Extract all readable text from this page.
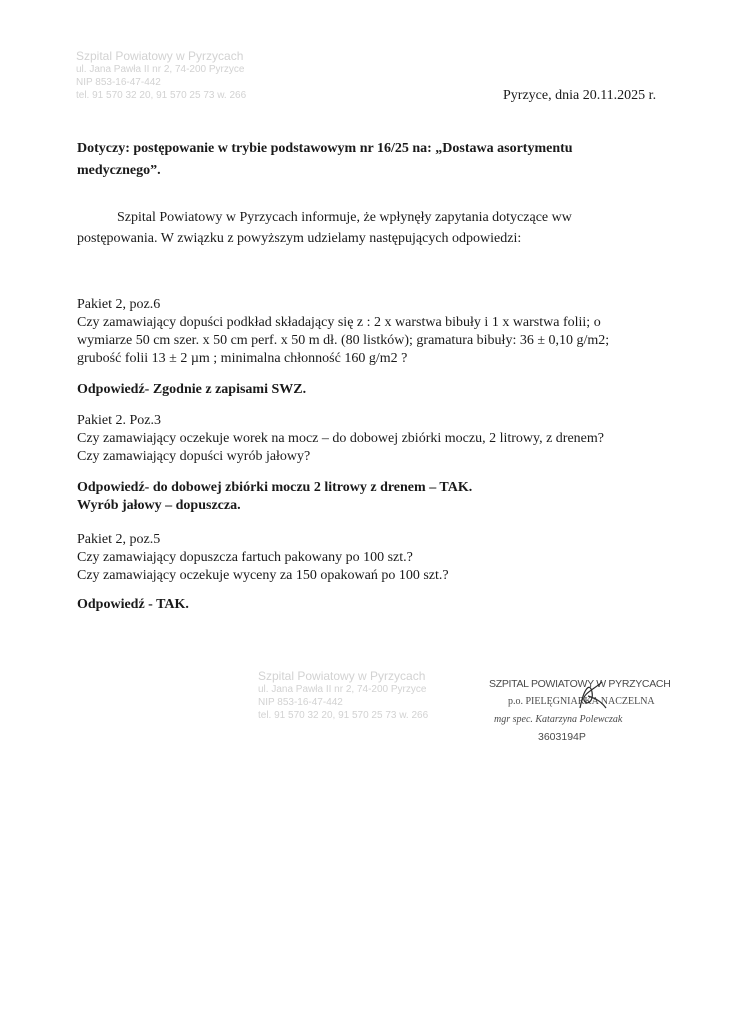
Szpital Powiatowy w Pyrzycach
ul. Jana Pawła II nr 2, 74-200 Pyrzyce
NIP 853-16-47-442
tel. 91 570 32 20, 91 570 25 73 w. 266	Pyrzyce, dnia 20.11.2025 r.
Dotyczy: postępowanie w trybie podstawowym nr 16/25 na: „Dostawa asortymentu
medycznego”.
Szpital Powiatowy w Pyrzycach informuje, że wpłynęły zapytania dotyczące ww
postępowania. W związku z powyższym udzielamy następujących odpowiedzi:
Pakiet 2, poz.6
Czy zamawiający dopuści podkład składający się z : 2 x warstwa bibuły i 1 x warstwa folii; o
wymiarze 50 cm szer. x 50 cm perf. x 50 m dł. (80 listków); gramatura bibuły: 36 ± 0,10 g/m2;
grubość folii 13 ± 2 µm ; minimalna chłonność 160 g/m2 ?
Odpowiedź- Zgodnie z zapisami SWZ.
Pakiet 2. Poz.3
Czy zamawiający oczekuje worek na mocz – do dobowej zbiórki moczu, 2 litrowy, z drenem?
Czy zamawiający dopuści wyrób jałowy?
Odpowiedź- do dobowej zbiórki moczu 2 litrowy z drenem – TAK.
Wyrób jałowy – dopuszcza.
Pakiet 2, poz.5
Czy zamawiający dopuszcza fartuch pakowany po 100 szt.?
Czy zamawiający oczekuje wyceny za 150 opakowań po 100 szt.?
Odpowiedź - TAK.
Szpital Powiatowy w Pyrzycach
ul. Jana Pawła II nr 2, 74-200 Pyrzyce
NIP 853-16-47-442
tel. 91 570 32 20, 91 570 25 73 w. 266
SZPITAL POWIATOWY W PYRZYCACH
p.o. PIELĘGNIARKA NACZELNA
mgr spec. Katarzyna Polewczak
3603194P
